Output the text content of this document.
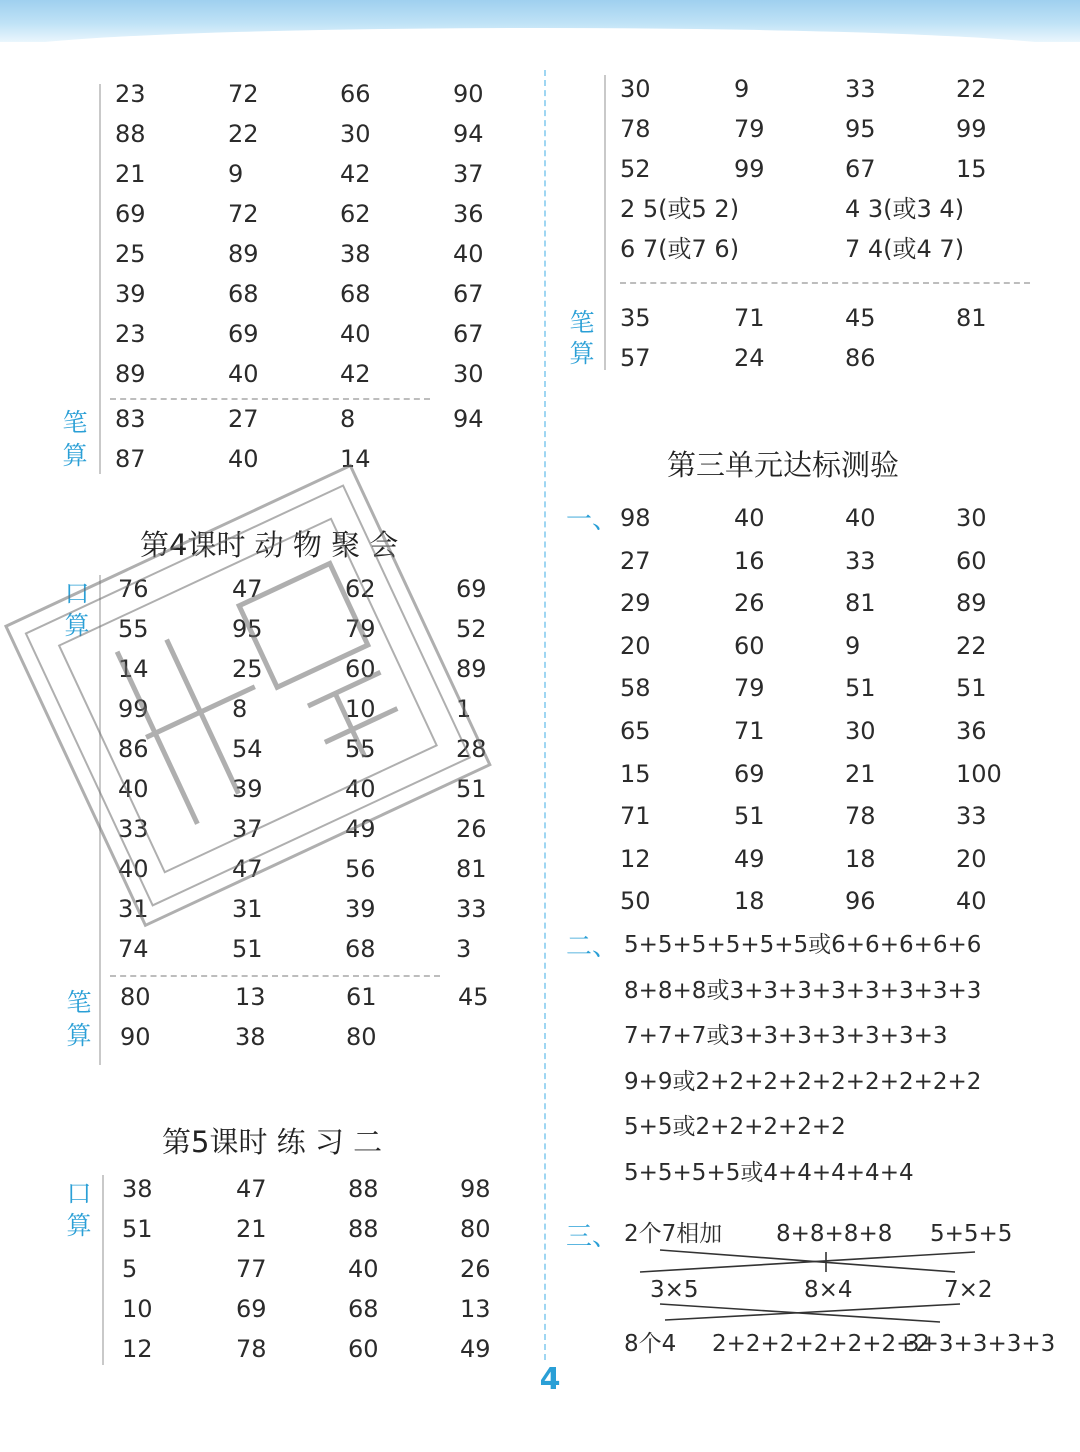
23	72	66	90
88	22	30	94
21	9	42	37
69	72	62	36
25	89	38	40
39	68	68	67
23	69	40	67
89	40	42	30
83	27	8	94
87	40	14
笔
算
第4课时 动 物 聚 会
76	47	62	69
55	95	79	52
14	25	60	89
99	8	10	1
86	54	55	28
40	39	40	51
33	37	49	26
40	47	56	81
31	31	39	33
74	51	68	3
口
算
80	13	61	45
90	38	80
笔
算
第5课时 练 习 二
38	47	88	98
51	21	88	80
5	77	40	26
10	69	68	13
12	78	60	49
口
算
30	9	33	22
78	79	95	99
52	99	67	15
2 5(或5 2)	4 3(或3 4)
6 7(或7 6)	7 4(或4 7)
35	71	45	81
57	24	86
笔
算
第三单元达标测验
一、 98	40	40	30
27	16	33	60
29	26	81	89
20	60	9	22
58	79	51	51
65	71	30	36
15	69	21	100
71	51	78	33
12	49	18	20
50	18	96	40
二、 5+5+5+5+5+5或6+6+6+6+6
8+8+8或3+3+3+3+3+3+3+3
7+7+7或3+3+3+3+3+3+3
9+9或2+2+2+2+2+2+2+2+2
5+5或2+2+2+2+2
5+5+5+5或4+4+4+4+4
三、 2个7相加 8+8+8+8 5+5+5
3×5	8×4	7×2
8个4 2+2+2+2+2+2+2
3+3+3+3+3
4
